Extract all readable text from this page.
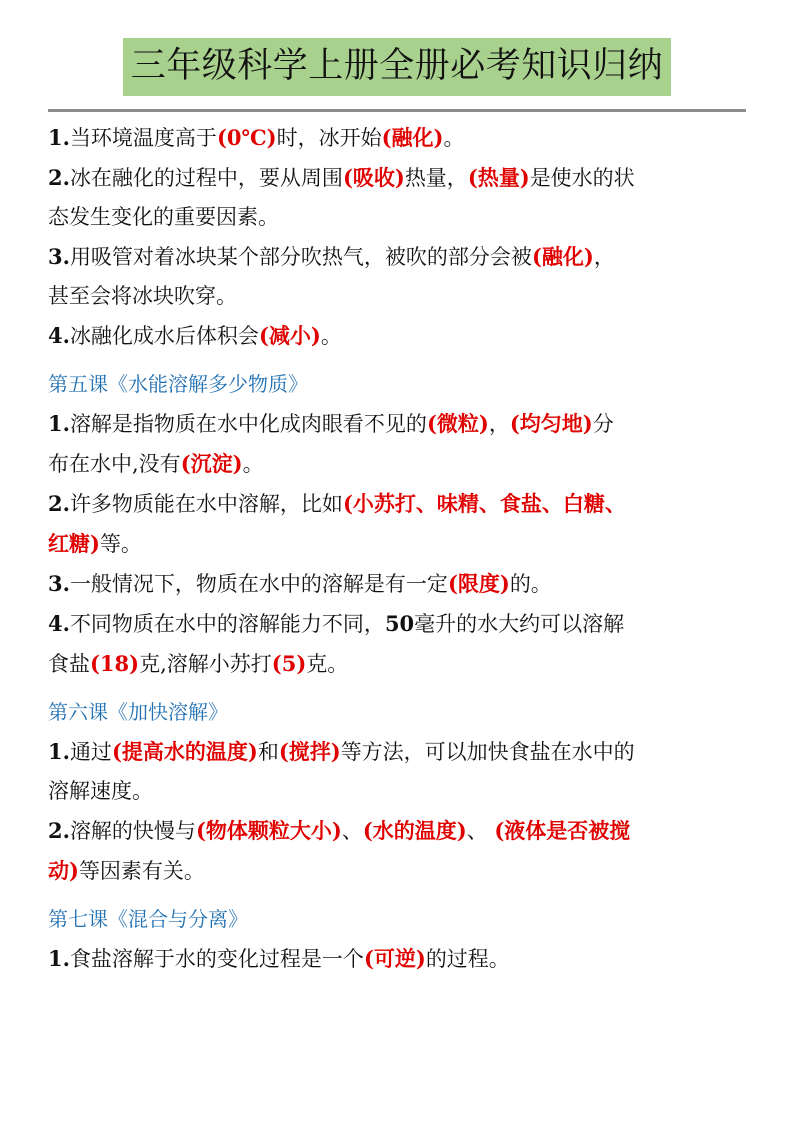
三年级科学上册全册必考知识归纳

1.当环境温度高于(0℃)时，冰开始(融化)。

2.冰在融化的过程中，要从周围(吸收)热量，(热量)是使水的状

态发生变化的重要因素。

3.用吸管对着冰块某个部分吹热气，被吹的部分会被(融化)，

甚至会将冰块吹穿。

4.冰融化成水后体积会(减小)。

第五课《水能溶解多少物质》

1.溶解是指物质在水中化成肉眼看不见的(微粒)，(均匀地)分

布在水中,没有(沉淀)。

2.许多物质能在水中溶解，比如(小苏打、味精、食盐、白糖、

红糖)等。

3.一般情况下，物质在水中的溶解是有一定(限度)的。

4.不同物质在水中的溶解能力不同，50毫升的水大约可以溶解

食盐(18)克,溶解小苏打(5)克。

第六课《加快溶解》

1.通过(提高水的温度)和(搅拌)等方法，可以加快食盐在水中的

溶解速度。

2.溶解的快慢与(物体颗粒大小)、(水的温度)、 (液体是否被搅

动)等因素有关。

第七课《混合与分离》

1.食盐溶解于水的变化过程是一个(可逆)的过程。
